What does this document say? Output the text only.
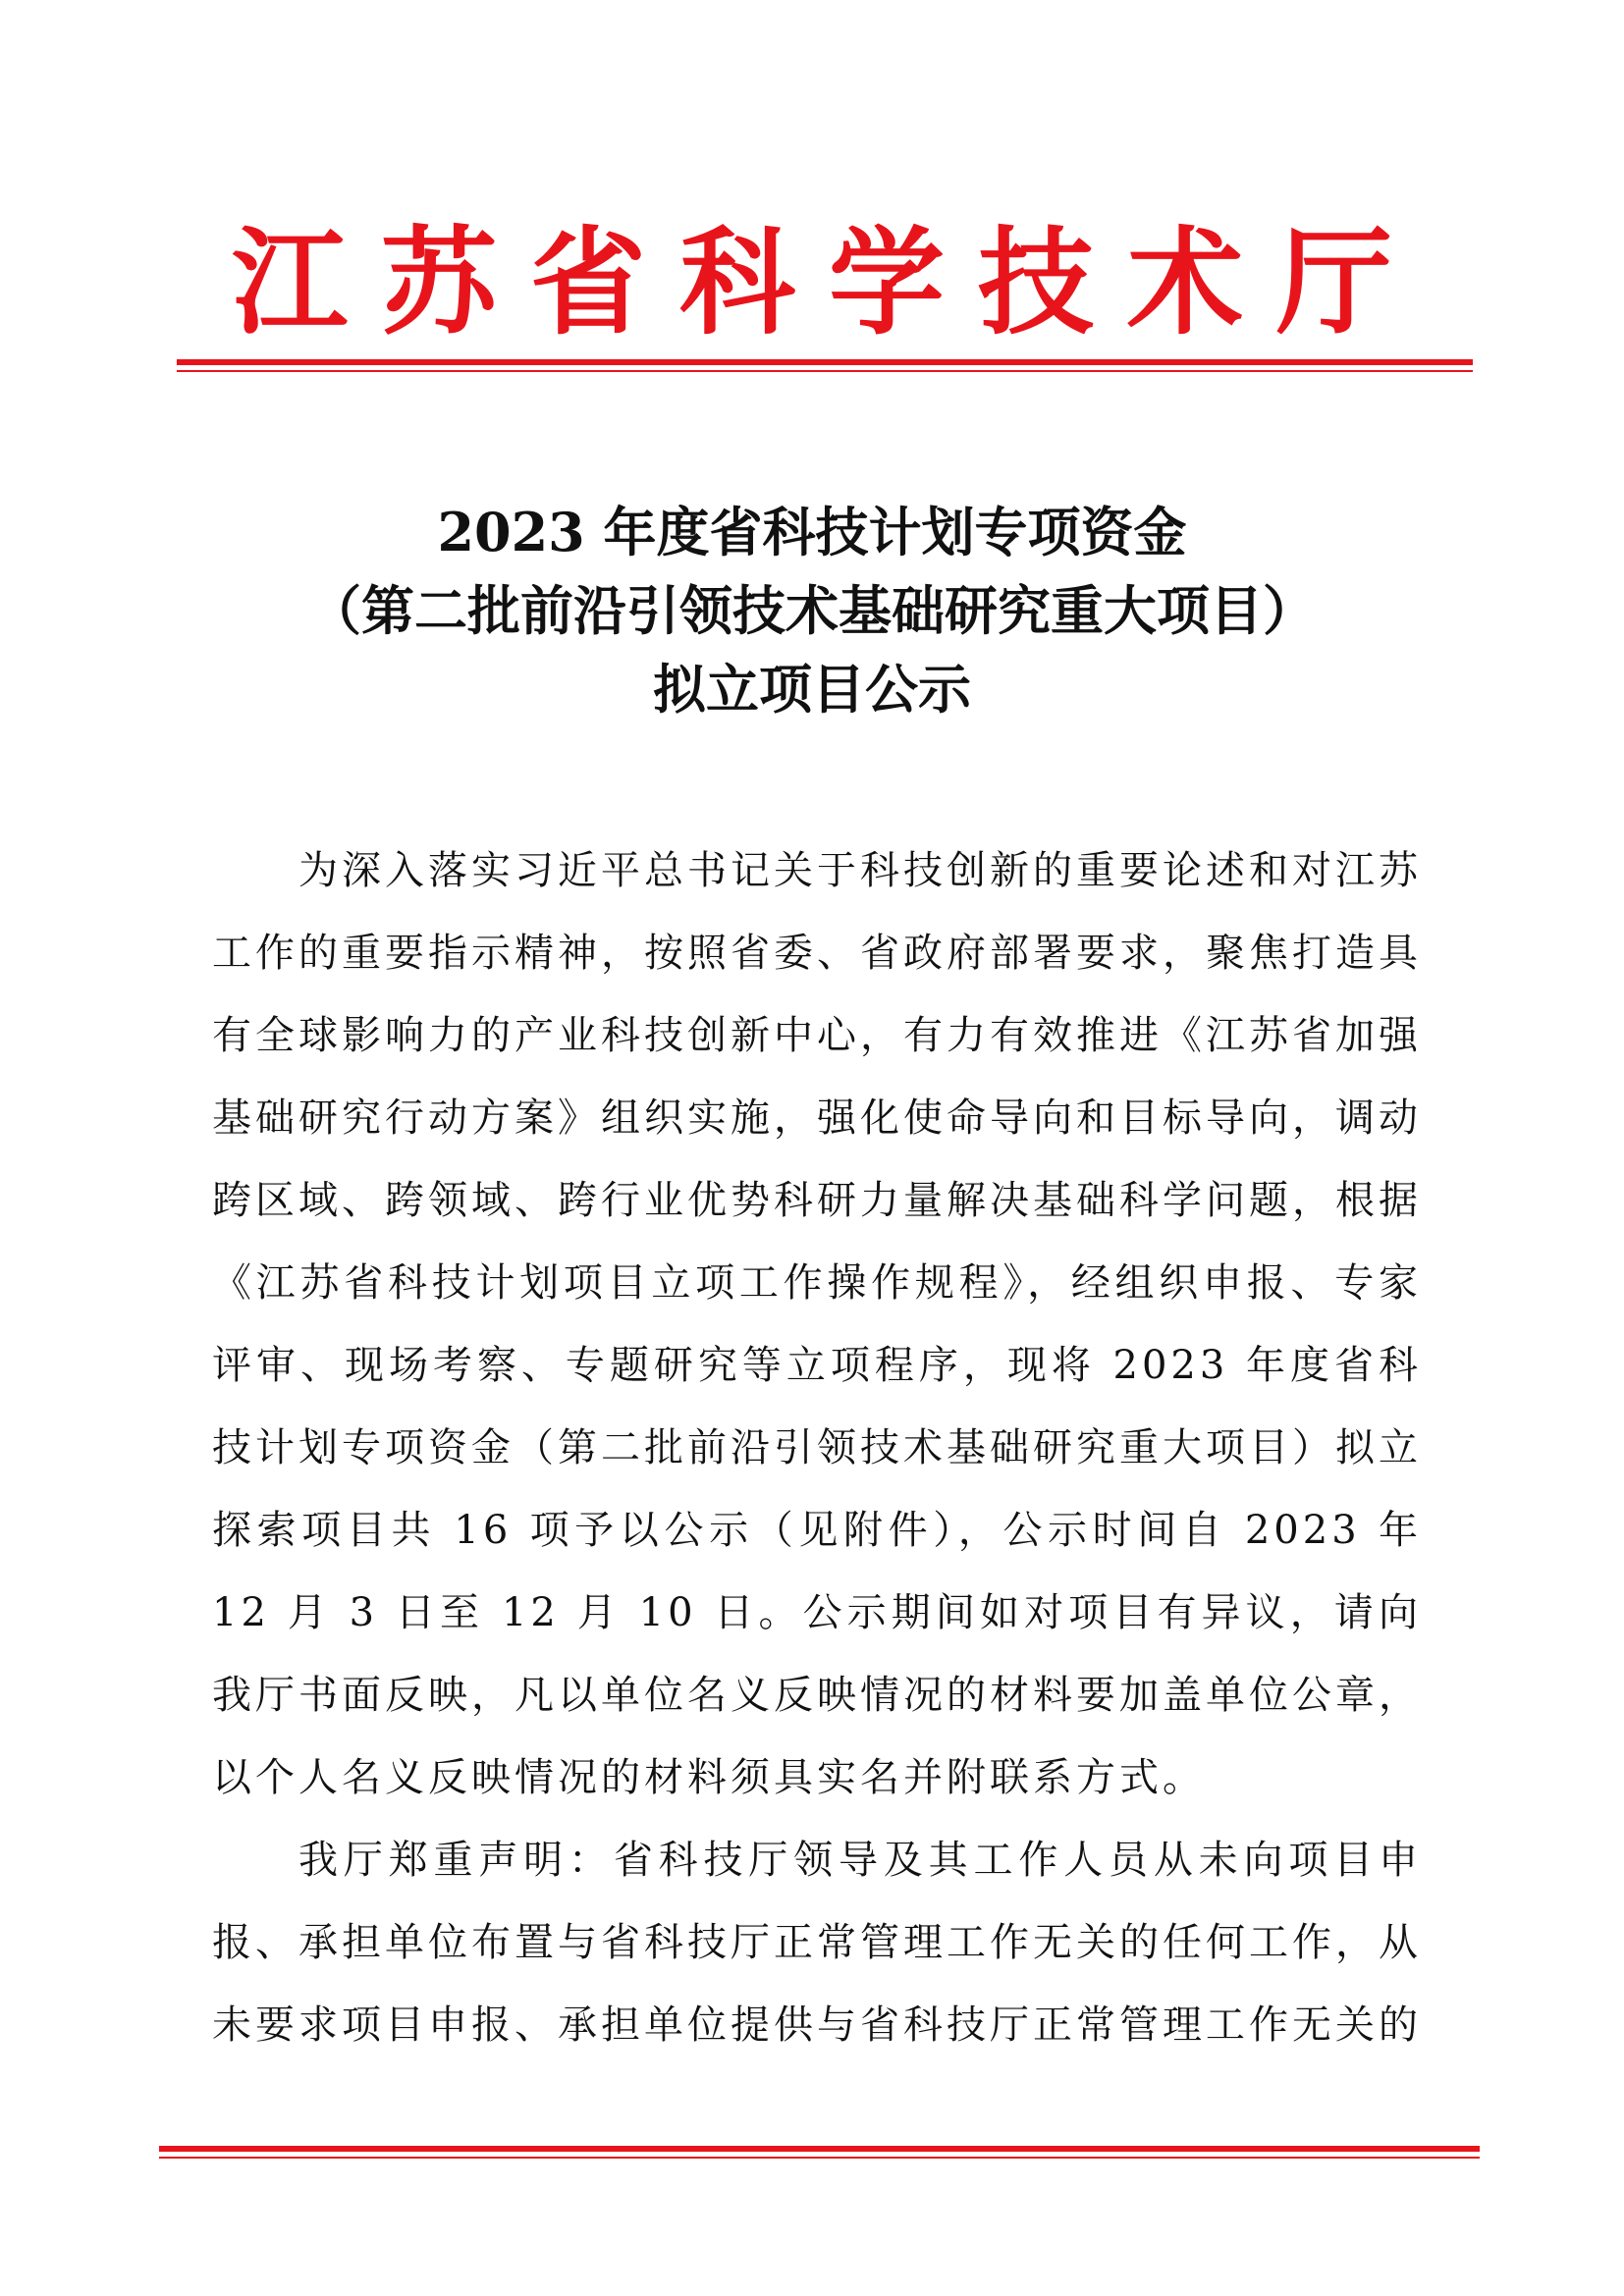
江苏省科学技术厅
2023 年度省科技计划专项资金
（第二批前沿引领技术基础研究重大项目）
拟立项目公示

为深入落实习近平总书记关于科技创新的重要论述和对江苏工作的重要指示精神，按照省委、省政府部署要求，聚焦打造具有全球影响力的产业科技创新中心，有力有效推进《江苏省加强基础研究行动方案》组织实施，强化使命导向和目标导向，调动跨区域、跨领域、跨行业优势科研力量解决基础科学问题，根据《江苏省科技计划项目立项工作操作规程》，经组织申报、专家评审、现场考察、专题研究等立项程序，现将 2023 年度省科技计划专项资金（第二批前沿引领技术基础研究重大项目）拟立探索项目共 16 项予以公示（见附件），公示时间自 2023 年 12 月 3 日至 12 月 10 日。公示期间如对项目有异议，请向我厅书面反映，凡以单位名义反映情况的材料要加盖单位公章，以个人名义反映情况的材料须具实名并附联系方式。

我厅郑重声明：省科技厅领导及其工作人员从未向项目申报、承担单位布置与省科技厅正常管理工作无关的任何工作，从未要求项目申报、承担单位提供与省科技厅正常管理工作无关的
